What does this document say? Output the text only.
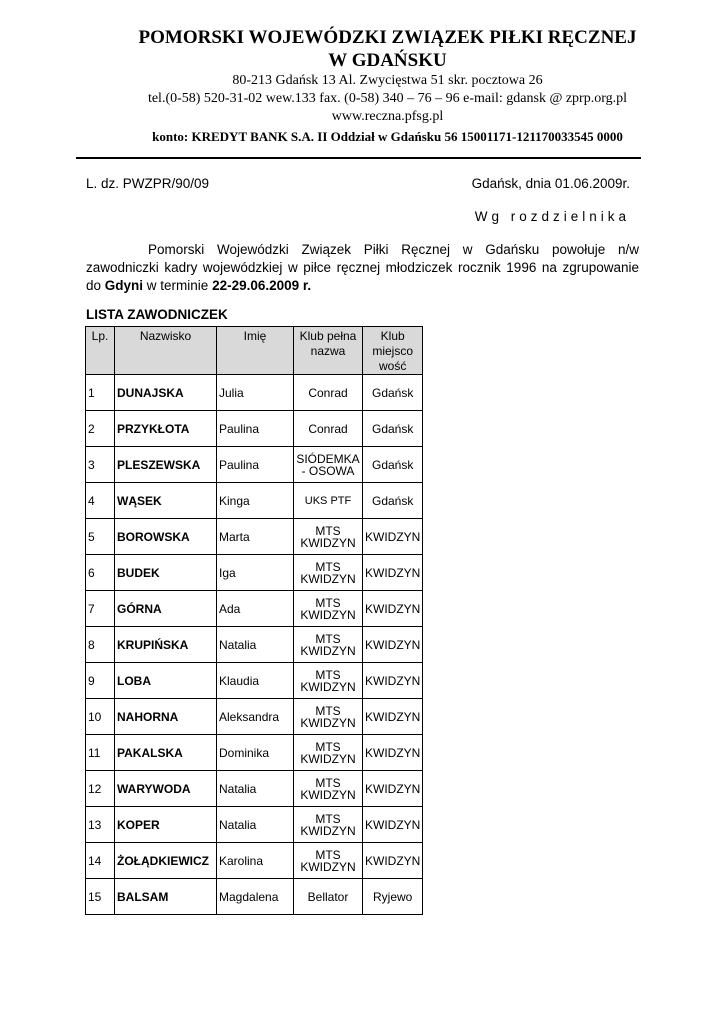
POMORSKI WOJEWÓDZKI ZWIĄZEK PIŁKI RĘCZNEJ
W GDAŃSKU
80-213 Gdańsk 13 Al. Zwycięstwa 51 skr. pocztowa 26
tel.(0-58) 520-31-02 wew.133 fax. (0-58) 340 – 76 – 96 e-mail: gdansk @ zprp.org.pl
www.reczna.pfsg.pl
konto: KREDYT BANK S.A. II Oddział w Gdańsku 56 15001171-121170033545 0000
L. dz. PWZPR/90/09	Gdańsk, dnia 01.06.2009r.
Wg rozdzielnika
Pomorski Wojewódzki Związek Piłki Ręcznej w Gdańsku powołuje n/w zawodniczki kadry wojewódzkiej w piłce ręcznej młodziczek rocznik 1996 na zgrupowanie do Gdyni w terminie 22-29.06.2009 r.
LISTA ZAWODNICZEK
Lp.	Nazwisko	Imię	Klub pełna nazwa	Klub miejsco wość
1	DUNAJSKA	Julia	Conrad	Gdańsk
2	PRZYKŁOTA	Paulina	Conrad	Gdańsk
3	PLESZEWSKA	Paulina	SIÓDEMKA - OSOWA	Gdańsk
4	WĄSEK	Kinga	UKS PTF	Gdańsk
5	BOROWSKA	Marta	MTS KWIDZYN	KWIDZYN
6	BUDEK	Iga	MTS KWIDZYN	KWIDZYN
7	GÓRNA	Ada	MTS KWIDZYN	KWIDZYN
8	KRUPIŃSKA	Natalia	MTS KWIDZYN	KWIDZYN
9	LOBA	Klaudia	MTS KWIDZYN	KWIDZYN
10	NAHORNA	Aleksandra	MTS KWIDZYN	KWIDZYN
11	PAKALSKA	Dominika	MTS KWIDZYN	KWIDZYN
12	WARYWODA	Natalia	MTS KWIDZYN	KWIDZYN
13	KOPER	Natalia	MTS KWIDZYN	KWIDZYN
14	ŻOŁĄDKIEWICZ	Karolina	MTS KWIDZYN	KWIDZYN
15	BALSAM	Magdalena	Bellator	Ryjewo
